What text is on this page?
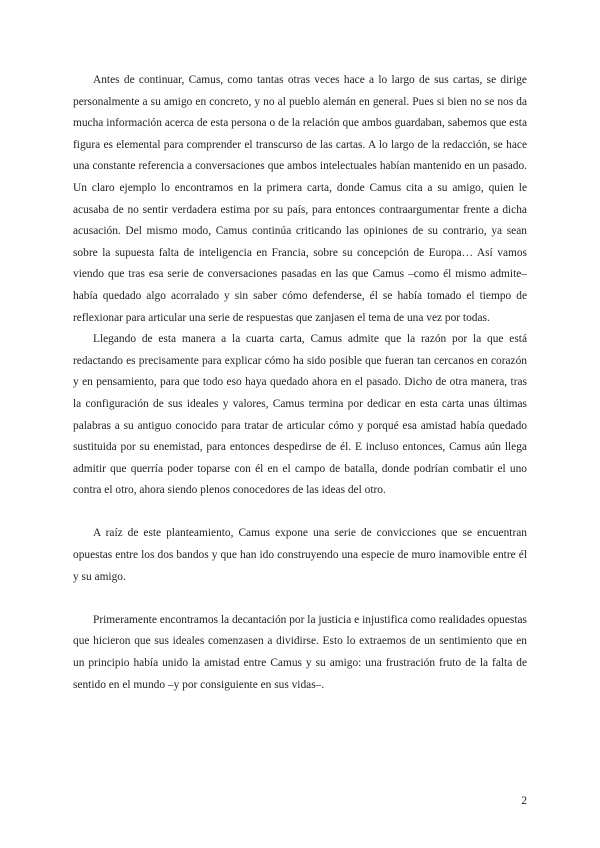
Antes de continuar, Camus, como tantas otras veces hace a lo largo de sus cartas, se dirige personalmente a su amigo en concreto, y no al pueblo alemán en general. Pues si bien no se nos da mucha información acerca de esta persona o de la relación que ambos guardaban, sabemos que esta figura es elemental para comprender el transcurso de las cartas. A lo largo de la redacción, se hace una constante referencia a conversaciones que ambos intelectuales habían mantenido en un pasado. Un claro ejemplo lo encontramos en la primera carta, donde Camus cita a su amigo, quien le acusaba de no sentir verdadera estima por su país, para entonces contraargumentar frente a dicha acusación. Del mismo modo, Camus continúa criticando las opiniones de su contrario, ya sean sobre la supuesta falta de inteligencia en Francia, sobre su concepción de Europa… Así vamos viendo que tras esa serie de conversaciones pasadas en las que Camus –como él mismo admite– había quedado algo acorralado y sin saber cómo defenderse, él se había tomado el tiempo de reflexionar para articular una serie de respuestas que zanjasen el tema de una vez por todas.

Llegando de esta manera a la cuarta carta, Camus admite que la razón por la que está redactando es precisamente para explicar cómo ha sido posible que fueran tan cercanos en corazón y en pensamiento, para que todo eso haya quedado ahora en el pasado. Dicho de otra manera, tras la configuración de sus ideales y valores, Camus termina por dedicar en esta carta unas últimas palabras a su antiguo conocido para tratar de articular cómo y porqué esa amistad había quedado sustituida por su enemistad, para entonces despedirse de él. E incluso entonces, Camus aún llega admitir que querría poder toparse con él en el campo de batalla, donde podrían combatir el uno contra el otro, ahora siendo plenos conocedores de las ideas del otro.

A raíz de este planteamiento, Camus expone una serie de convicciones que se encuentran opuestas entre los dos bandos y que han ido construyendo una especie de muro inamovible entre él y su amigo.

Primeramente encontramos la decantación por la justicia e injustifica como realidades opuestas que hicieron que sus ideales comenzasen a dividirse. Esto lo extraemos de un sentimiento que en un principio había unido la amistad entre Camus y su amigo: una frustración fruto de la falta de sentido en el mundo –y por consiguiente en sus vidas–.

2
